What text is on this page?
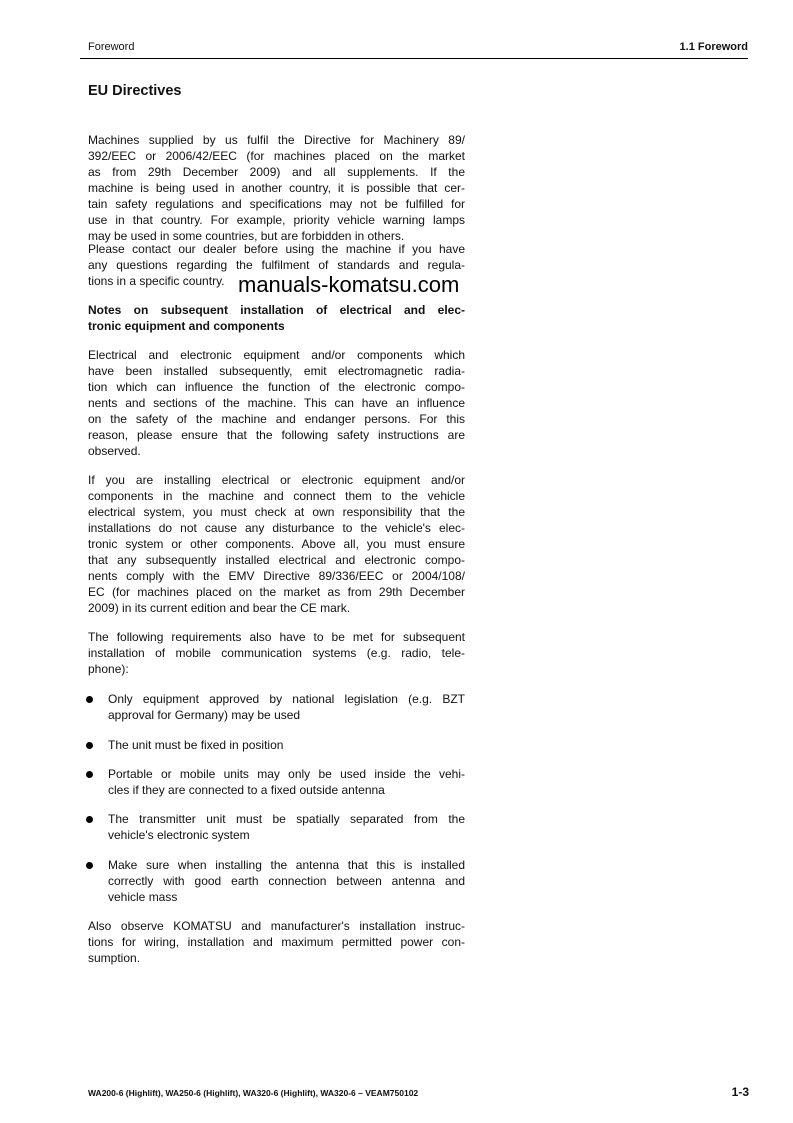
Foreword	1.1 Foreword
EU Directives
Machines supplied by us fulfil the Directive for Machinery 89/
392/EEC or 2006/42/EEC (for machines placed on the market
as from 29th December 2009) and all supplements. If the
machine is being used in another country, it is possible that cer-
tain safety regulations and specifications may not be fulfilled for
use in that country. For example, priority vehicle warning lamps
may be used in some countries, but are forbidden in others.
Please contact our dealer before using the machine if you have
any questions regarding the fulfilment of standards and regula-
tions in a specific country.
Notes on subsequent installation of electrical and elec-
tronic equipment and components
Electrical and electronic equipment and/or components which
have been installed subsequently, emit electromagnetic radia-
tion which can influence the function of the electronic compo-
nents and sections of the machine. This can have an influence
on the safety of the machine and endanger persons. For this
reason, please ensure that the following safety instructions are
observed.
If you are installing electrical or electronic equipment and/or
components in the machine and connect them to the vehicle
electrical system, you must check at own responsibility that the
installations do not cause any disturbance to the vehicle's elec-
tronic system or other components. Above all, you must ensure
that any subsequently installed electrical and electronic compo-
nents comply with the EMV Directive 89/336/EEC or 2004/108/
EC (for machines placed on the market as from 29th December
2009) in its current edition and bear the CE mark.
The following requirements also have to be met for subsequent
installation of mobile communication systems (e.g. radio, tele-
phone):
Only equipment approved by national legislation (e.g. BZT
approval for Germany) may be used
The unit must be fixed in position
Portable or mobile units may only be used inside the vehi-
cles if they are connected to a fixed outside antenna
The transmitter unit must be spatially separated from the
vehicle's electronic system
Make sure when installing the antenna that this is installed
correctly with good earth connection between antenna and
vehicle mass
Also observe KOMATSU and manufacturer's installation instruc-
tions for wiring, installation and maximum permitted power con-
sumption.
manuals-komatsu.com
WA200-6 (Highlift), WA250-6 (Highlift), WA320-6 (Highlift), WA320-6 – VEAM750102	1-3
